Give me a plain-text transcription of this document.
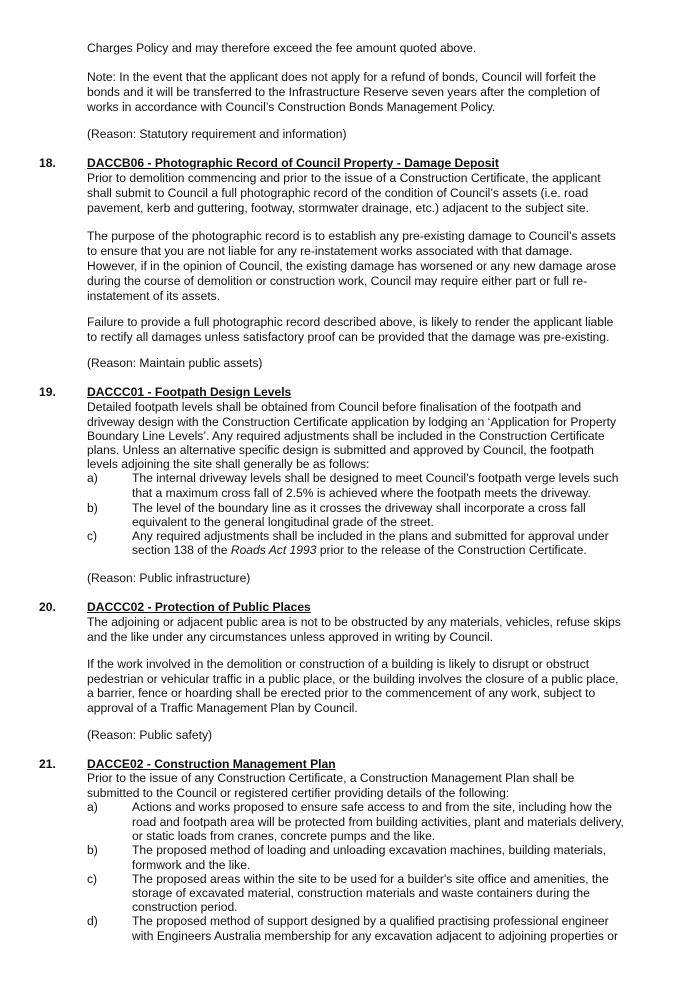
Charges Policy and may therefore exceed the fee amount quoted above.
Note: In the event that the applicant does not apply for a refund of bonds, Council will forfeit the
bonds and it will be transferred to the Infrastructure Reserve seven years after the completion of
works in accordance with Council’s Construction Bonds Management Policy.
(Reason: Statutory requirement and information)
18.	DACCB06 - Photographic Record of Council Property - Damage Deposit
Prior to demolition commencing and prior to the issue of a Construction Certificate, the applicant
shall submit to Council a full photographic record of the condition of Council’s assets (i.e. road
pavement, kerb and guttering, footway, stormwater drainage, etc.) adjacent to the subject site.
The purpose of the photographic record is to establish any pre-existing damage to Council’s assets
to ensure that you are not liable for any re-instatement works associated with that damage.
However, if in the opinion of Council, the existing damage has worsened or any new damage arose
during the course of demolition or construction work, Council may require either part or full re-
instatement of its assets.
Failure to provide a full photographic record described above, is likely to render the applicant liable
to rectify all damages unless satisfactory proof can be provided that the damage was pre-existing.
(Reason: Maintain public assets)
19.	DACCC01 - Footpath Design Levels
Detailed footpath levels shall be obtained from Council before finalisation of the footpath and
driveway design with the Construction Certificate application by lodging an ‘Application for Property
Boundary Line Levels’. Any required adjustments shall be included in the Construction Certificate
plans. Unless an alternative specific design is submitted and approved by Council, the footpath
levels adjoining the site shall generally be as follows:
a)	The internal driveway levels shall be designed to meet Council’s footpath verge levels such
that a maximum cross fall of 2.5% is achieved where the footpath meets the driveway.
b)	The level of the boundary line as it crosses the driveway shall incorporate a cross fall
equivalent to the general longitudinal grade of the street.
c)	Any required adjustments shall be included in the plans and submitted for approval under
section 138 of the Roads Act 1993 prior to the release of the Construction Certificate.
(Reason: Public infrastructure)
20.	DACCC02 - Protection of Public Places
The adjoining or adjacent public area is not to be obstructed by any materials, vehicles, refuse skips
and the like under any circumstances unless approved in writing by Council.
If the work involved in the demolition or construction of a building is likely to disrupt or obstruct
pedestrian or vehicular traffic in a public place, or the building involves the closure of a public place,
a barrier, fence or hoarding shall be erected prior to the commencement of any work, subject to
approval of a Traffic Management Plan by Council.
(Reason: Public safety)
21.	DACCE02 - Construction Management Plan
Prior to the issue of any Construction Certificate, a Construction Management Plan shall be
submitted to the Council or registered certifier providing details of the following:
a)	Actions and works proposed to ensure safe access to and from the site, including how the
road and footpath area will be protected from building activities, plant and materials delivery,
or static loads from cranes, concrete pumps and the like.
b)	The proposed method of loading and unloading excavation machines, building materials,
formwork and the like.
c)	The proposed areas within the site to be used for a builder's site office and amenities, the
storage of excavated material, construction materials and waste containers during the
construction period.
d)	The proposed method of support designed by a qualified practising professional engineer
with Engineers Australia membership for any excavation adjacent to adjoining properties or
